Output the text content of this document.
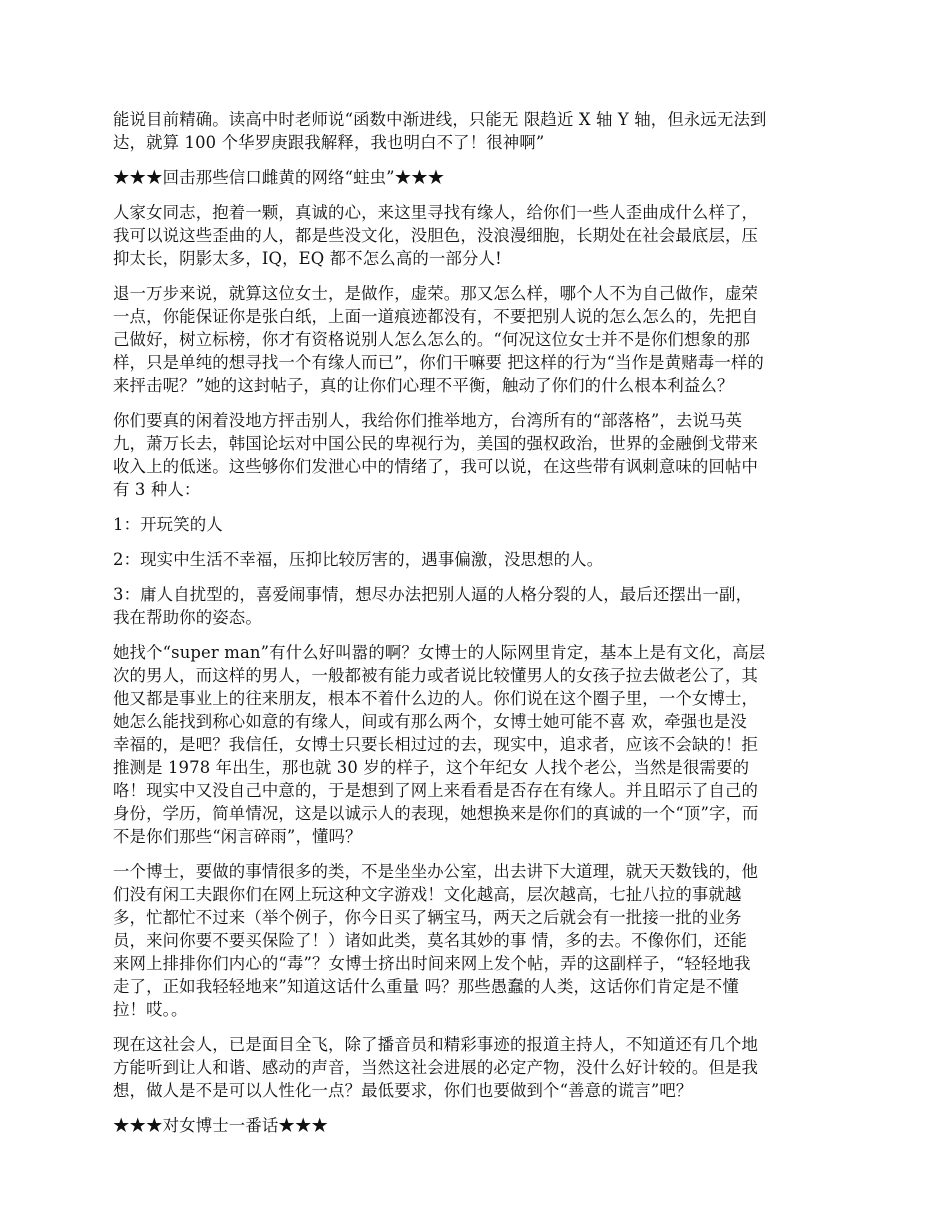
能说目前精确。读高中时老师说“函数中渐进线，只能无 限趋近 X 轴 Y 轴，但永远无法到
达，就算 100 个华罗庚跟我解释，我也明白不了！很神啊”

★★★回击那些信口雌黄的网络“蛀虫”★★★

人家女同志，抱着一颗，真诚的心，来这里寻找有缘人，给你们一些人歪曲成什么样了，
我可以说这些歪曲的人，都是些没文化，没胆色，没浪漫细胞，长期处在社会最底层，压
抑太长，阴影太多，IQ，EQ 都不怎么高的一部分人!

退一万步来说，就算这位女士，是做作，虚荣。那又怎么样，哪个人不为自己做作，虚荣
一点，你能保证你是张白纸，上面一道痕迹都没有，不要把别人说的怎么怎么的，先把自
己做好，树立标榜，你才有资格说别人怎么怎么的。“何况这位女士并不是你们想象的那
样，只是单纯的想寻找一个有缘人而已”，你们干嘛要 把这样的行为“当作是黄赌毒一样的
来抨击呢？”她的这封帖子，真的让你们心理不平衡，触动了你们的什么根本利益么？

你们要真的闲着没地方抨击别人，我给你们推举地方，台湾所有的“部落格”，去说马英
九，萧万长去，韩国论坛对中国公民的卑视行为，美国的强权政治，世界的金融倒戈带来
收入上的低迷。这些够你们发泄心中的情绪了，我可以说，在这些带有讽刺意味的回帖中
有 3 种人：

1：开玩笑的人

2：现实中生活不幸福，压抑比较厉害的，遇事偏激，没思想的人。

3：庸人自扰型的，喜爱闹事情，想尽办法把别人逼的人格分裂的人，最后还摆出一副，
我在帮助你的姿态。

她找个“super man”有什么好叫嚣的啊？女博士的人际网里肯定，基本上是有文化，高层
次的男人，而这样的男人，一般都被有能力或者说比较懂男人的女孩子拉去做老公了，其
他又都是事业上的往来朋友，根本不着什么边的人。你们说在这个圈子里，一个女博士，
她怎么能找到称心如意的有缘人，间或有那么两个，女博士她可能不喜 欢，牵强也是没
幸福的，是吧？我信任，女博士只要长相过过的去，现实中，追求者，应该不会缺的！拒
推测是 1978 年出生，那也就 30 岁的样子，这个年纪女 人找个老公，当然是很需要的
咯！现实中又没自己中意的，于是想到了网上来看看是否存在有缘人。并且昭示了自己的
身份，学历，简单情况，这是以诚示人的表现，她想换来是你们的真诚的一个“顶”字，而
不是你们那些“闲言碎雨”，懂吗？

一个博士，要做的事情很多的类，不是坐坐办公室，出去讲下大道理，就天天数钱的，他
们没有闲工夫跟你们在网上玩这种文字游戏！文化越高，层次越高，七扯八拉的事就越
多，忙都忙不过来（举个例子，你今日买了辆宝马，两天之后就会有一批接一批的业务
员，来问你要不要买保险了！）诸如此类，莫名其妙的事 情，多的去。不像你们，还能
来网上排排你们内心的“毒”？女博士挤出时间来网上发个帖，弄的这副样子，“轻轻地我
走了，正如我轻轻地来”知道这话什么重量 吗？那些愚蠢的人类，这话你们肯定是不懂
拉！哎。。

现在这社会人，已是面目全飞，除了播音员和精彩事迹的报道主持人，不知道还有几个地
方能听到让人和谐、感动的声音，当然这社会进展的必定产物，没什么好计较的。但是我
想，做人是不是可以人性化一点？最低要求，你们也要做到个“善意的谎言”吧？

★★★对女博士一番话★★★
